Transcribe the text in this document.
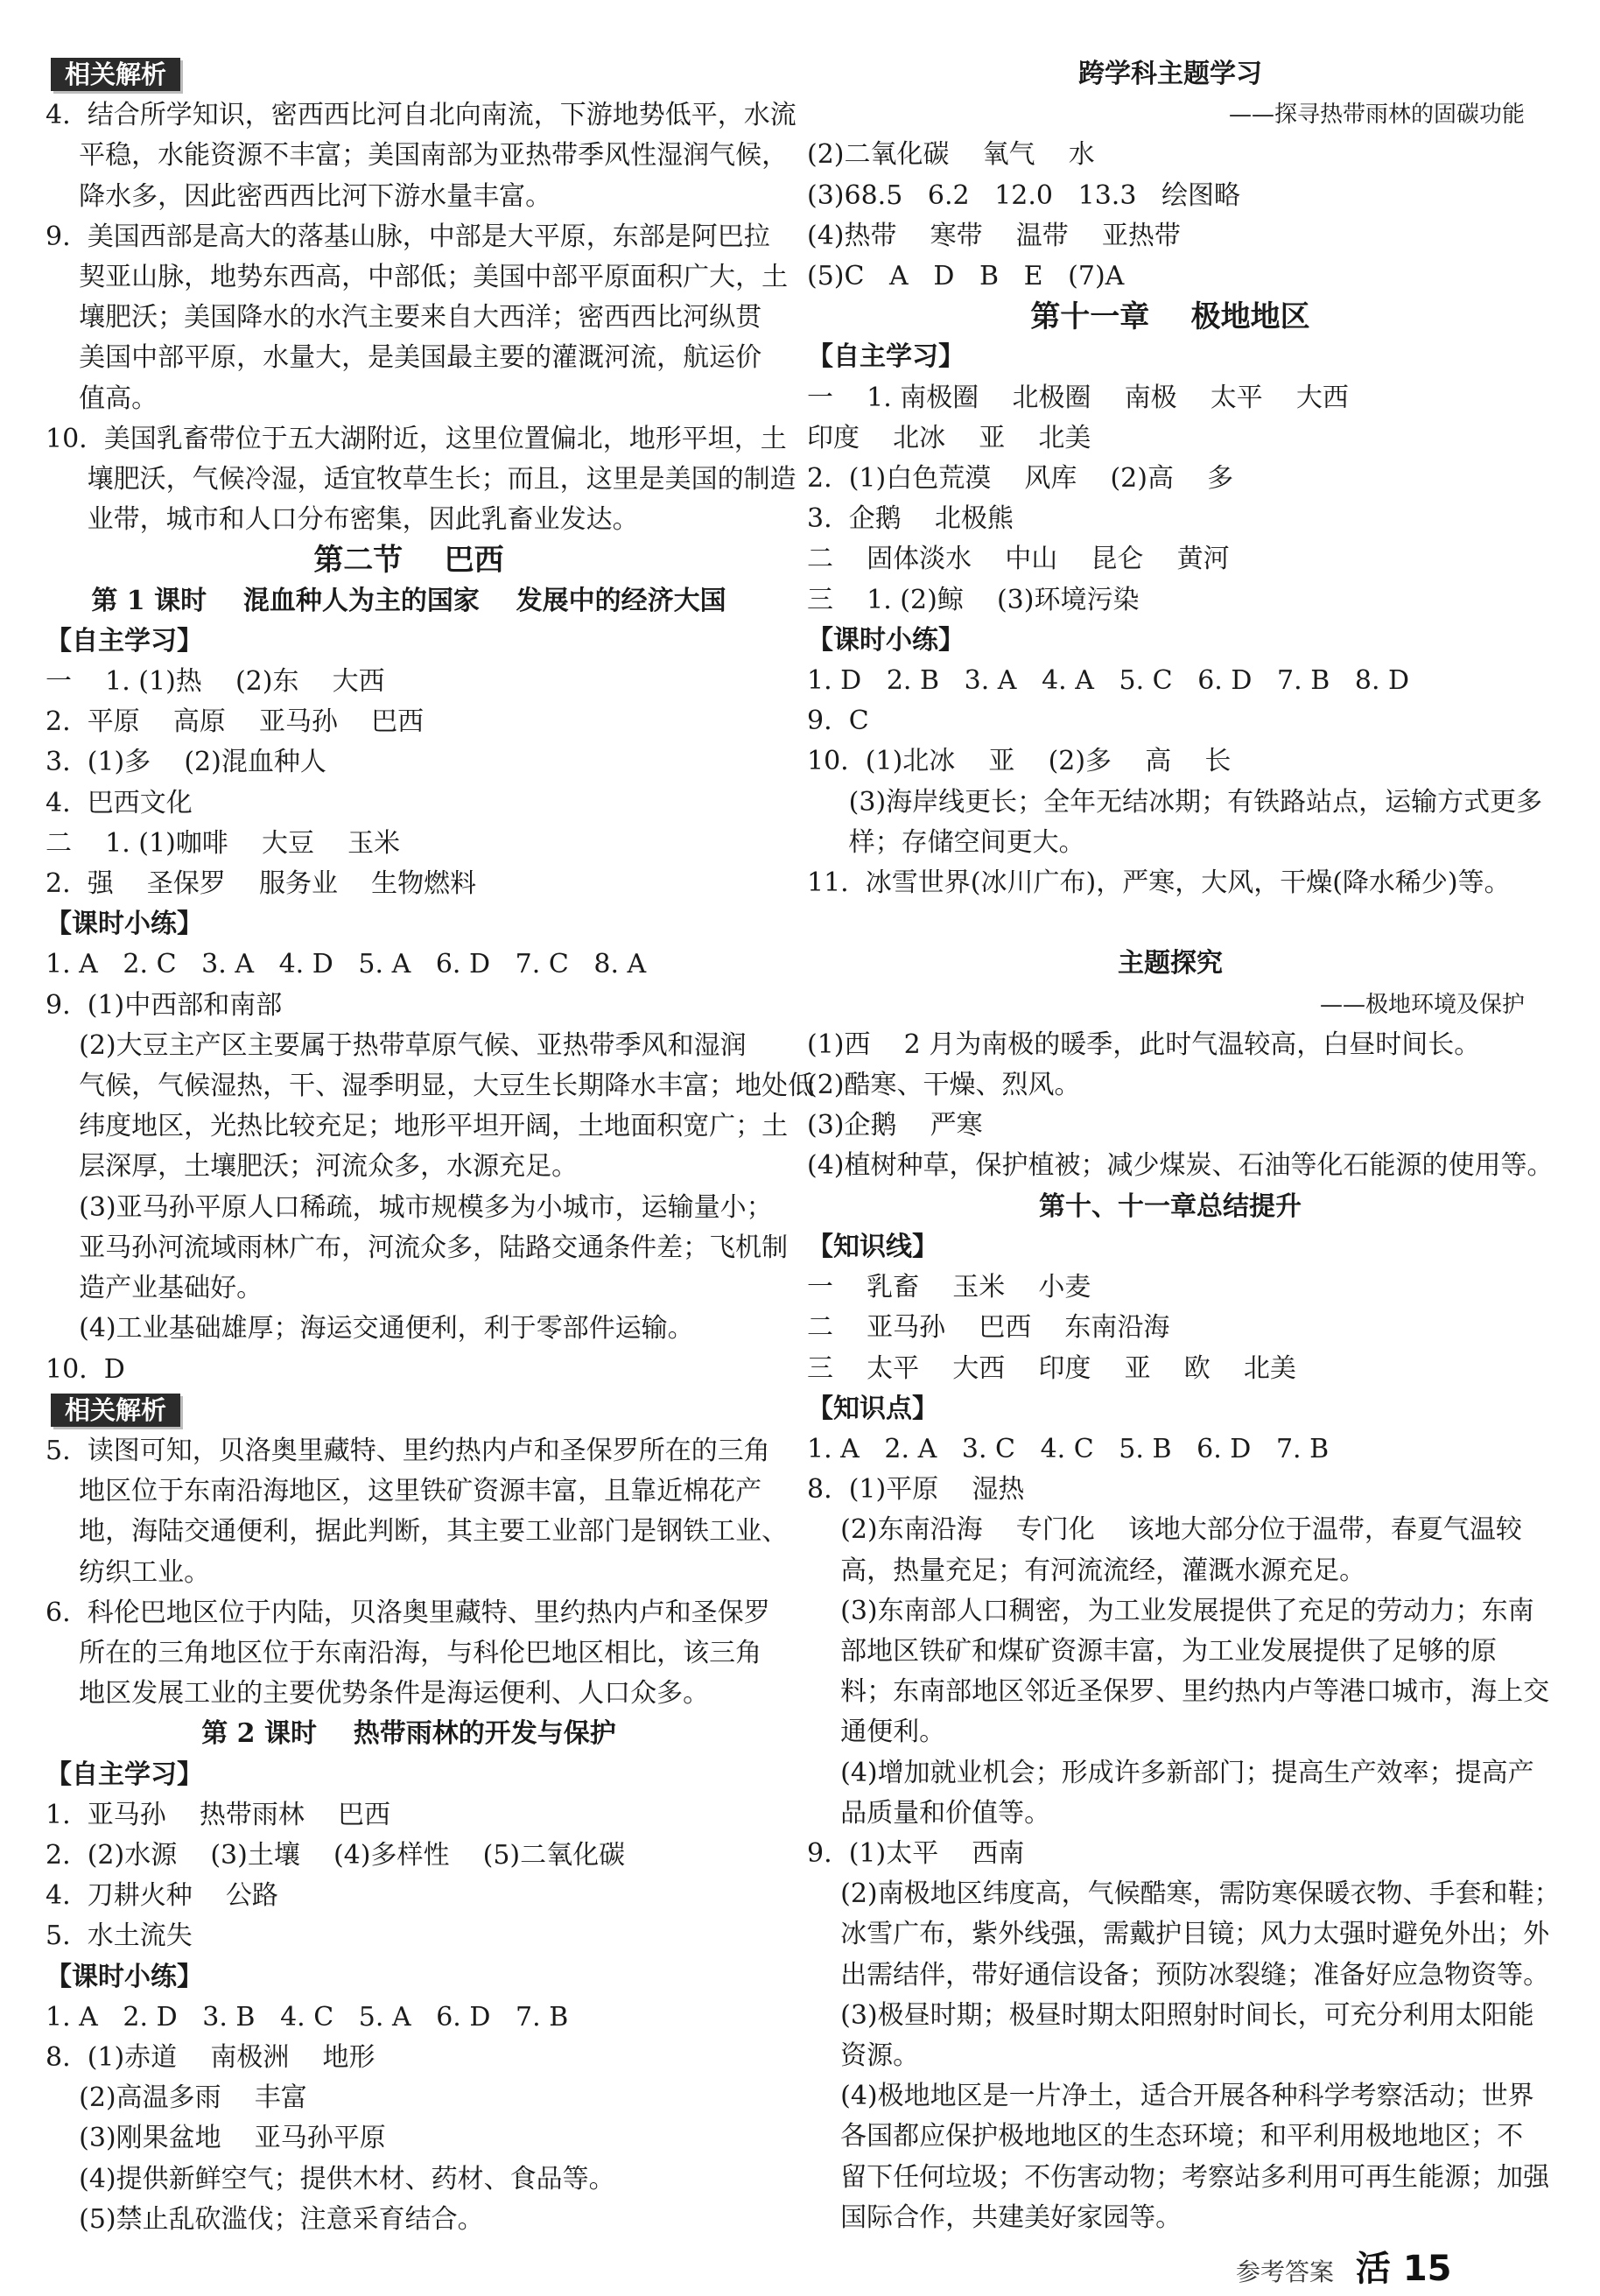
相关解析
4.  结合所学知识，密西西比河自北向南流，下游地势低平，水流
平稳，水能资源不丰富；美国南部为亚热带季风性湿润气候，
降水多，因此密西西比河下游水量丰富。
9.  美国西部是高大的落基山脉，中部是大平原，东部是阿巴拉
契亚山脉，地势东西高，中部低；美国中部平原面积广大，土
壤肥沃；美国降水的水汽主要来自大西洋；密西西比河纵贯
美国中部平原，水量大，是美国最主要的灌溉河流，航运价
值高。
10.  美国乳畜带位于五大湖附近，这里位置偏北，地形平坦，土
壤肥沃，气候冷湿，适宜牧草生长；而且，这里是美国的制造
业带，城市和人口分布密集，因此乳畜业发达。
第二节    巴西
第 1 课时    混血种人为主的国家    发展中的经济大国
【自主学习】
一    1. (1)热    (2)东    大西
2.  平原    高原    亚马孙    巴西
3.  (1)多    (2)混血种人
4.  巴西文化
二    1. (1)咖啡    大豆    玉米
2.  强    圣保罗    服务业    生物燃料
【课时小练】
1. A   2. C   3. A   4. D   5. A   6. D   7. C   8. A
9.  (1)中西部和南部
(2)大豆主产区主要属于热带草原气候、亚热带季风和湿润
气候，气候湿热，干、湿季明显，大豆生长期降水丰富；地处低
纬度地区，光热比较充足；地形平坦开阔，土地面积宽广；土
层深厚，土壤肥沃；河流众多，水源充足。
(3)亚马孙平原人口稀疏，城市规模多为小城市，运输量小；
亚马孙河流域雨林广布，河流众多，陆路交通条件差；飞机制
造产业基础好。
(4)工业基础雄厚；海运交通便利，利于零部件运输。
10.  D
相关解析
5.  读图可知，贝洛奥里藏特、里约热内卢和圣保罗所在的三角
地区位于东南沿海地区，这里铁矿资源丰富，且靠近棉花产
地，海陆交通便利，据此判断，其主要工业部门是钢铁工业、
纺织工业。
6.  科伦巴地区位于内陆，贝洛奥里藏特、里约热内卢和圣保罗
所在的三角地区位于东南沿海，与科伦巴地区相比，该三角
地区发展工业的主要优势条件是海运便利、人口众多。
第 2 课时    热带雨林的开发与保护
【自主学习】
1.  亚马孙    热带雨林    巴西
2.  (2)水源    (3)土壤    (4)多样性    (5)二氧化碳
4.  刀耕火种    公路
5.  水土流失
【课时小练】
1. A   2. D   3. B   4. C   5. A   6. D   7. B
8.  (1)赤道    南极洲    地形
(2)高温多雨    丰富
(3)刚果盆地    亚马孙平原
(4)提供新鲜空气；提供木材、药材、食品等。
(5)禁止乱砍滥伐；注意采育结合。
跨学科主题学习
——探寻热带雨林的固碳功能
(2)二氧化碳    氧气    水
(3)68.5   6.2   12.0   13.3   绘图略
(4)热带    寒带    温带    亚热带
(5)C   A   D   B   E   (7)A
第十一章    极地地区
【自主学习】
一    1. 南极圈    北极圈    南极    太平    大西
印度    北冰    亚    北美
2.  (1)白色荒漠    风库    (2)高    多
3.  企鹅    北极熊
二    固体淡水    中山    昆仑    黄河
三    1. (2)鲸    (3)环境污染
【课时小练】
1. D   2. B   3. A   4. A   5. C   6. D   7. B   8. D
9.  C
10.  (1)北冰    亚    (2)多    高    长
(3)海岸线更长；全年无结冰期；有铁路站点，运输方式更多
样；存储空间更大。
11.  冰雪世界(冰川广布)，严寒，大风，干燥(降水稀少)等。

主题探究
——极地环境及保护
(1)西    2 月为南极的暖季，此时气温较高，白昼时间长。
(2)酷寒、干燥、烈风。
(3)企鹅    严寒
(4)植树种草，保护植被；减少煤炭、石油等化石能源的使用等。
第十、十一章总结提升
【知识线】
一    乳畜    玉米    小麦
二    亚马孙    巴西    东南沿海
三    太平    大西    印度    亚    欧    北美
【知识点】
1. A   2. A   3. C   4. C   5. B   6. D   7. B
8.  (1)平原    湿热
(2)东南沿海    专门化    该地大部分位于温带，春夏气温较
高，热量充足；有河流流经，灌溉水源充足。
(3)东南部人口稠密，为工业发展提供了充足的劳动力；东南
部地区铁矿和煤矿资源丰富，为工业发展提供了足够的原
料；东南部地区邻近圣保罗、里约热内卢等港口城市，海上交
通便利。
(4)增加就业机会；形成许多新部门；提高生产效率；提高产
品质量和价值等。
9.  (1)太平    西南
(2)南极地区纬度高，气候酷寒，需防寒保暖衣物、手套和鞋；
冰雪广布，紫外线强，需戴护目镜；风力太强时避免外出；外
出需结伴，带好通信设备；预防冰裂缝；准备好应急物资等。
(3)极昼时期；极昼时期太阳照射时间长，可充分利用太阳能
资源。
(4)极地地区是一片净土，适合开展各种科学考察活动；世界
各国都应保护极地地区的生态环境；和平利用极地地区；不
留下任何垃圾；不伤害动物；考察站多利用可再生能源；加强
国际合作，共建美好家园等。
参考答案 活 15
